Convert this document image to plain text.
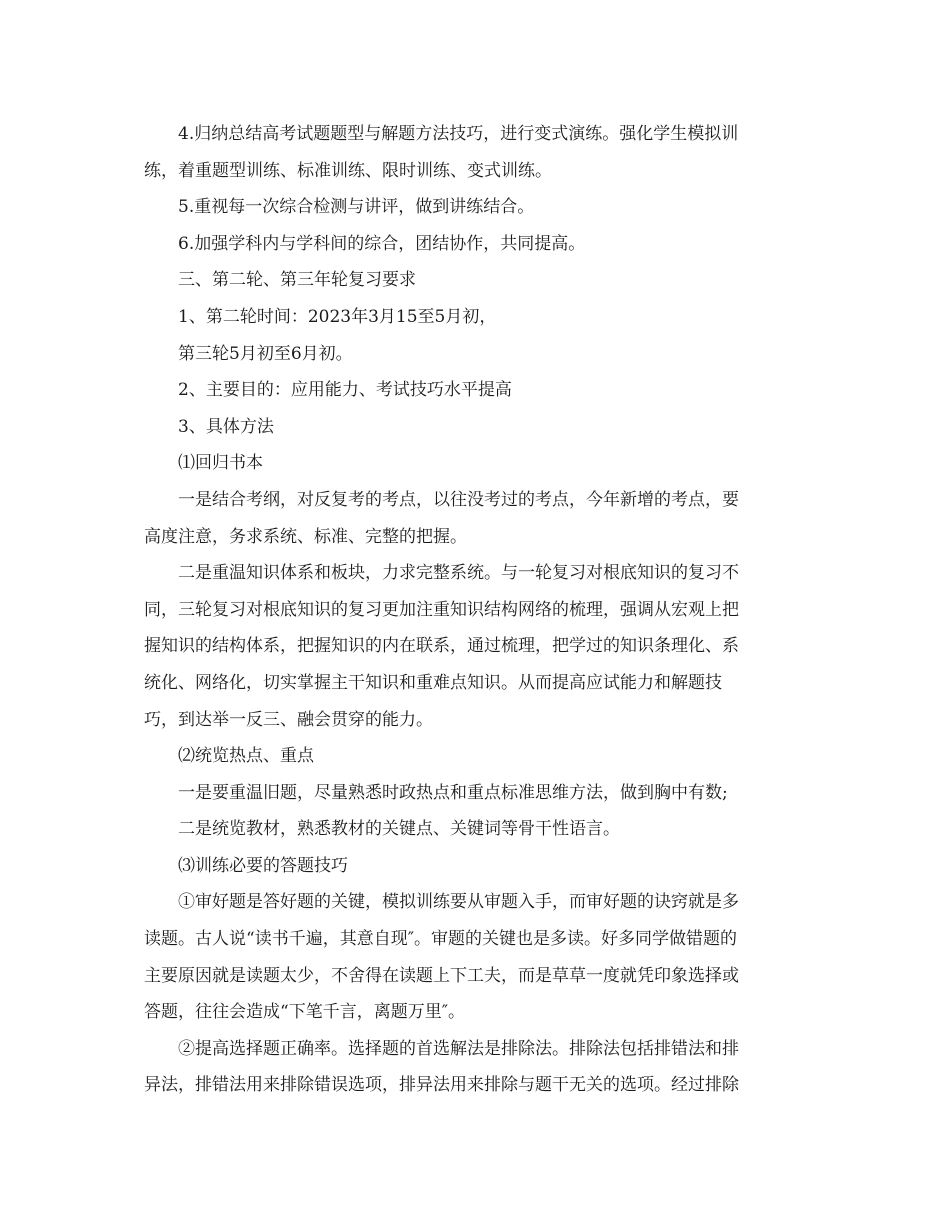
4.归纳总结高考试题题型与解题方法技巧，进行变式演练。强化学生模拟训
练，着重题型训练、标准训练、限时训练、变式训练。
5.重视每一次综合检测与讲评，做到讲练结合。
6.加强学科内与学科间的综合，团结协作，共同提高。
三、第二轮、第三年轮复习要求
1、第二轮时间：2023年3月15至5月初，
第三轮5月初至6月初。
2、主要目的：应用能力、考试技巧水平提高
3、具体方法
⑴回归书本
一是结合考纲，对反复考的考点，以往没考过的考点，今年新增的考点，要
高度注意，务求系统、标准、完整的把握。
二是重温知识体系和板块，力求完整系统。与一轮复习对根底知识的复习不
同，三轮复习对根底知识的复习更加注重知识结构网络的梳理，强调从宏观上把
握知识的结构体系，把握知识的内在联系，通过梳理，把学过的知识条理化、系
统化、网络化，切实掌握主干知识和重难点知识。从而提高应试能力和解题技
巧，到达举一反三、融会贯穿的能力。
⑵统览热点、重点
一是要重温旧题，尽量熟悉时政热点和重点标准思维方法，做到胸中有数;
二是统览教材，熟悉教材的关键点、关键词等骨干性语言。
⑶训练必要的答题技巧
①审好题是答好题的关键，模拟训练要从审题入手，而审好题的诀窍就是多
读题。古人说“读书千遍，其意自现″。审题的关键也是多读。好多同学做错题的
主要原因就是读题太少，不舍得在读题上下工夫，而是草草一度就凭印象选择或
答题，往往会造成“下笔千言，离题万里″。
②提高选择题正确率。选择题的首选解法是排除法。排除法包括排错法和排
异法，排错法用来排除错误选项，排异法用来排除与题干无关的选项。经过排除
